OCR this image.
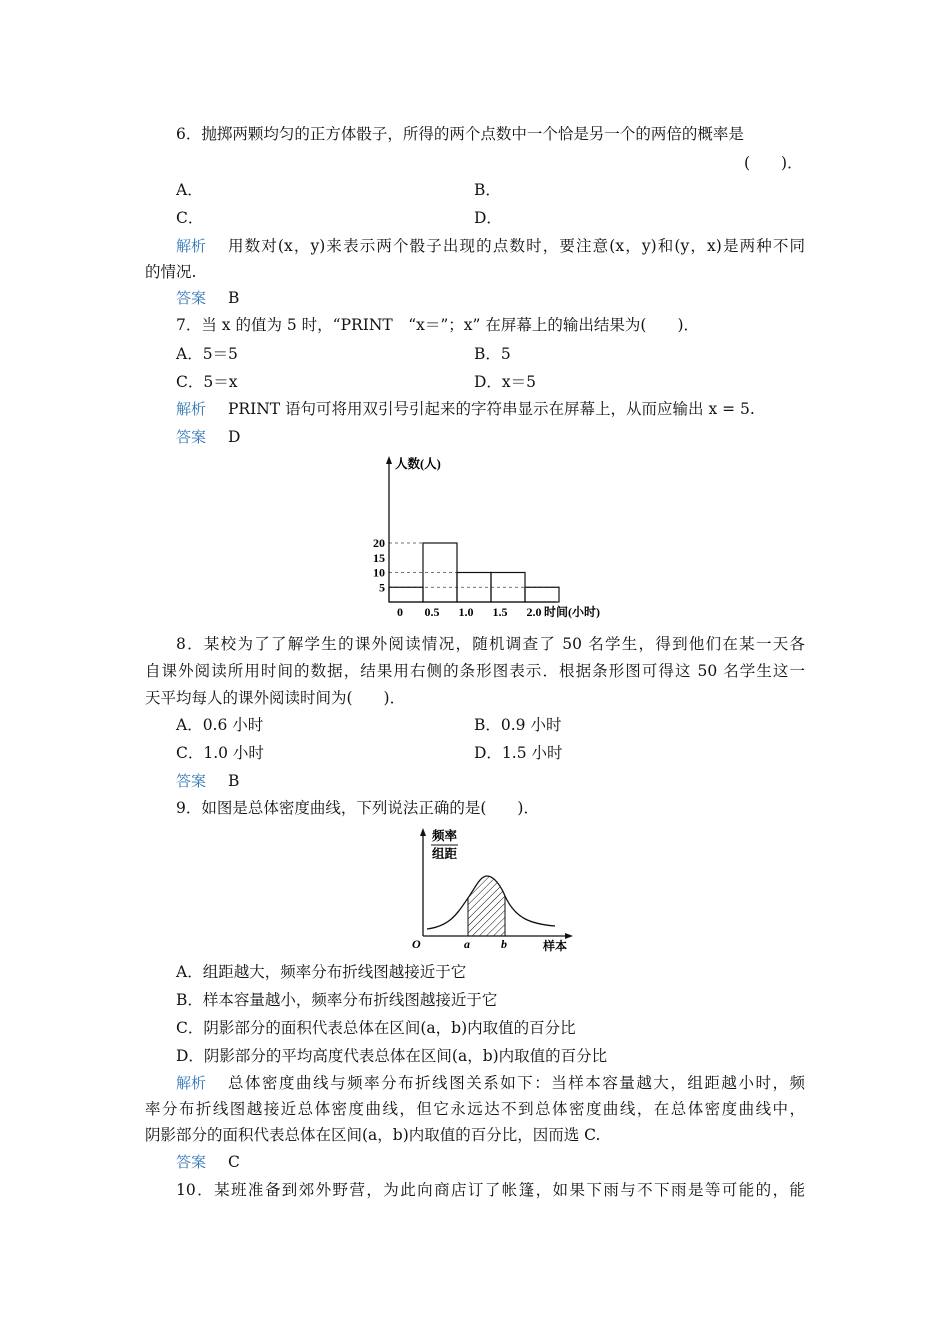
6．抛掷两颗均匀的正方体骰子，所得的两个点数中一个恰是另一个的两倍的概率是
(　　)．
A．	B．
C．	D．
解析 用数对(x，y)来表示两个骰子出现的点数时，要注意(x，y)和(y，x)是两种不同
的情况.
答案 B
7．当 x 的值为 5 时，“PRINT　“x＝”；x” 在屏幕上的输出结果为(　　)．
A．5＝5	B．5
C．5＝x	D．x＝5
解析 PRINT 语句可将用双引号引起来的字符串显示在屏幕上，从而应输出 x = 5.
答案 D
人数(人)
时间(小时)
5
10
15
20
0 0.5 1.0 1.5 2.0
8．某校为了了解学生的课外阅读情况，随机调查了 50 名学生，得到他们在某一天各
自课外阅读所用时间的数据，结果用右侧的条形图表示．根据条形图可得这 50 名学生这一
天平均每人的课外阅读时间为(　　)．
A．0.6 小时	B．0.9 小时
C．1.0 小时	D．1.5 小时
答案 B
9．如图是总体密度曲线，下列说法正确的是(　　)．
频率
组距
O	a	b	样本
A．组距越大，频率分布折线图越接近于它
B．样本容量越小，频率分布折线图越接近于它
C．阴影部分的面积代表总体在区间(a，b)内取值的百分比
D．阴影部分的平均高度代表总体在区间(a，b)内取值的百分比
解析 总体密度曲线与频率分布折线图关系如下：当样本容量越大，组距越小时，频
率分布折线图越接近总体密度曲线，但它永远达不到总体密度曲线，在总体密度曲线中，
阴影部分的面积代表总体在区间(a，b)内取值的百分比，因而选 C.
答案 C
10．某班准备到郊外野营，为此向商店订了帐篷，如果下雨与不下雨是等可能的，能
